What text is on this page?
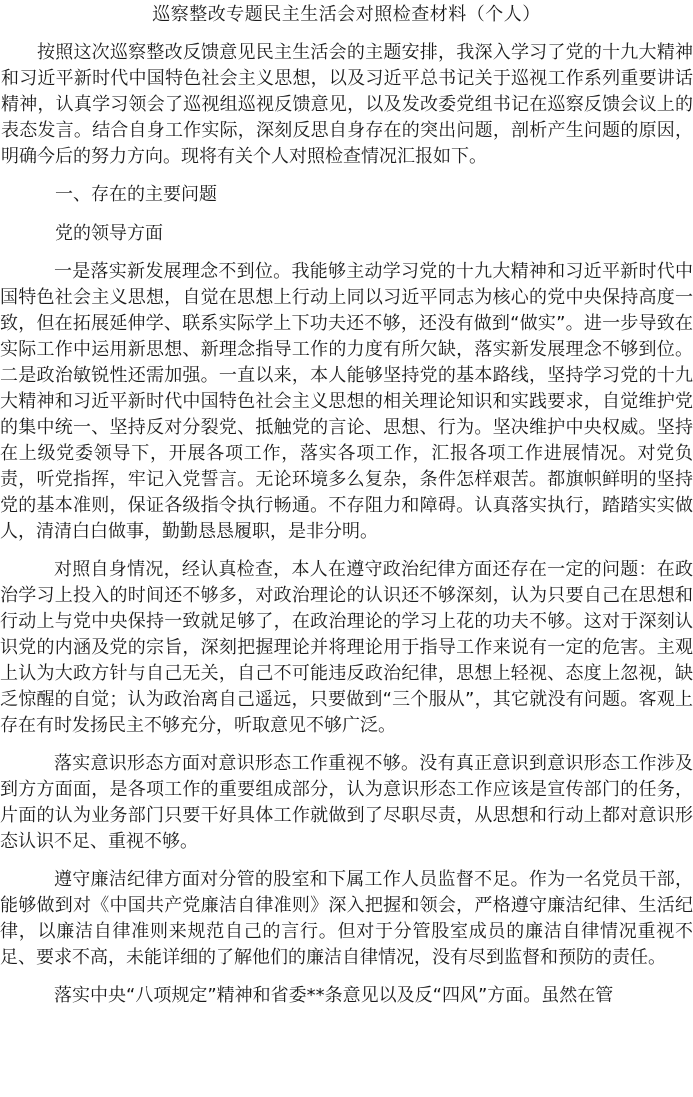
巡察整改专题民主生活会对照检查材料（个人）

按照这次巡察整改反馈意见民主生活会的主题安排，我深入学习了党的十九大精神和习近平新时代中国特色社会主义思想，以及习近平总书记关于巡视工作系列重要讲话精神，认真学习领会了巡视组巡视反馈意见，以及发改委党组书记在巡察反馈会议上的表态发言。结合自身工作实际，深刻反思自身存在的突出问题，剖析产生问题的原因，明确今后的努力方向。现将有关个人对照检查情况汇报如下。

一、存在的主要问题
党的领导方面

一是落实新发展理念不到位。我能够主动学习党的十九大精神和习近平新时代中国特色社会主义思想，自觉在思想上行动上同以习近平同志为核心的党中央保持高度一致，但在拓展延伸学、联系实际学上下功夫还不够，还没有做到“做实”。进一步导致在实际工作中运用新思想、新理念指导工作的力度有所欠缺，落实新发展理念不够到位。二是政治敏锐性还需加强。一直以来，本人能够坚持党的基本路线，坚持学习党的十九大精神和习近平新时代中国特色社会主义思想的相关理论知识和实践要求，自觉维护党的集中统一、坚持反对分裂党、抵触党的言论、思想、行为。坚决维护中央权威。坚持在上级党委领导下，开展各项工作，落实各项工作，汇报各项工作进展情况。对党负责，听党指挥，牢记入党誓言。无论环境多么复杂，条件怎样艰苦。都旗帜鲜明的坚持党的基本准则，保证各级指令执行畅通。不存阻力和障碍。认真落实执行，踏踏实实做人，清清白白做事，勤勤恳恳履职，是非分明。

对照自身情况，经认真检查，本人在遵守政治纪律方面还存在一定的问题：在政治学习上投入的时间还不够多，对政治理论的认识还不够深刻，认为只要自己在思想和行动上与党中央保持一致就足够了，在政治理论的学习上花的功夫不够。这对于深刻认识党的内涵及党的宗旨，深刻把握理论并将理论用于指导工作来说有一定的危害。主观上认为大政方针与自己无关，自己不可能违反政治纪律，思想上轻视、态度上忽视，缺乏惊醒的自觉；认为政治离自己遥远，只要做到“三个服从”，其它就没有问题。客观上存在有时发扬民主不够充分，听取意见不够广泛。

落实意识形态方面对意识形态工作重视不够。没有真正意识到意识形态工作涉及到方方面面，是各项工作的重要组成部分，认为意识形态工作应该是宣传部门的任务，片面的认为业务部门只要干好具体工作就做到了尽职尽责，从思想和行动上都对意识形态认识不足、重视不够。

遵守廉洁纪律方面对分管的股室和下属工作人员监督不足。作为一名党员干部，能够做到对《中国共产党廉洁自律准则》深入把握和领会，严格遵守廉洁纪律、生活纪律，以廉洁自律准则来规范自己的言行。但对于分管股室成员的廉洁自律情况重视不足、要求不高，未能详细的了解他们的廉洁自律情况，没有尽到监督和预防的责任。

落实中央“八项规定”精神和省委**条意见以及反“四风”方面。虽然在管
